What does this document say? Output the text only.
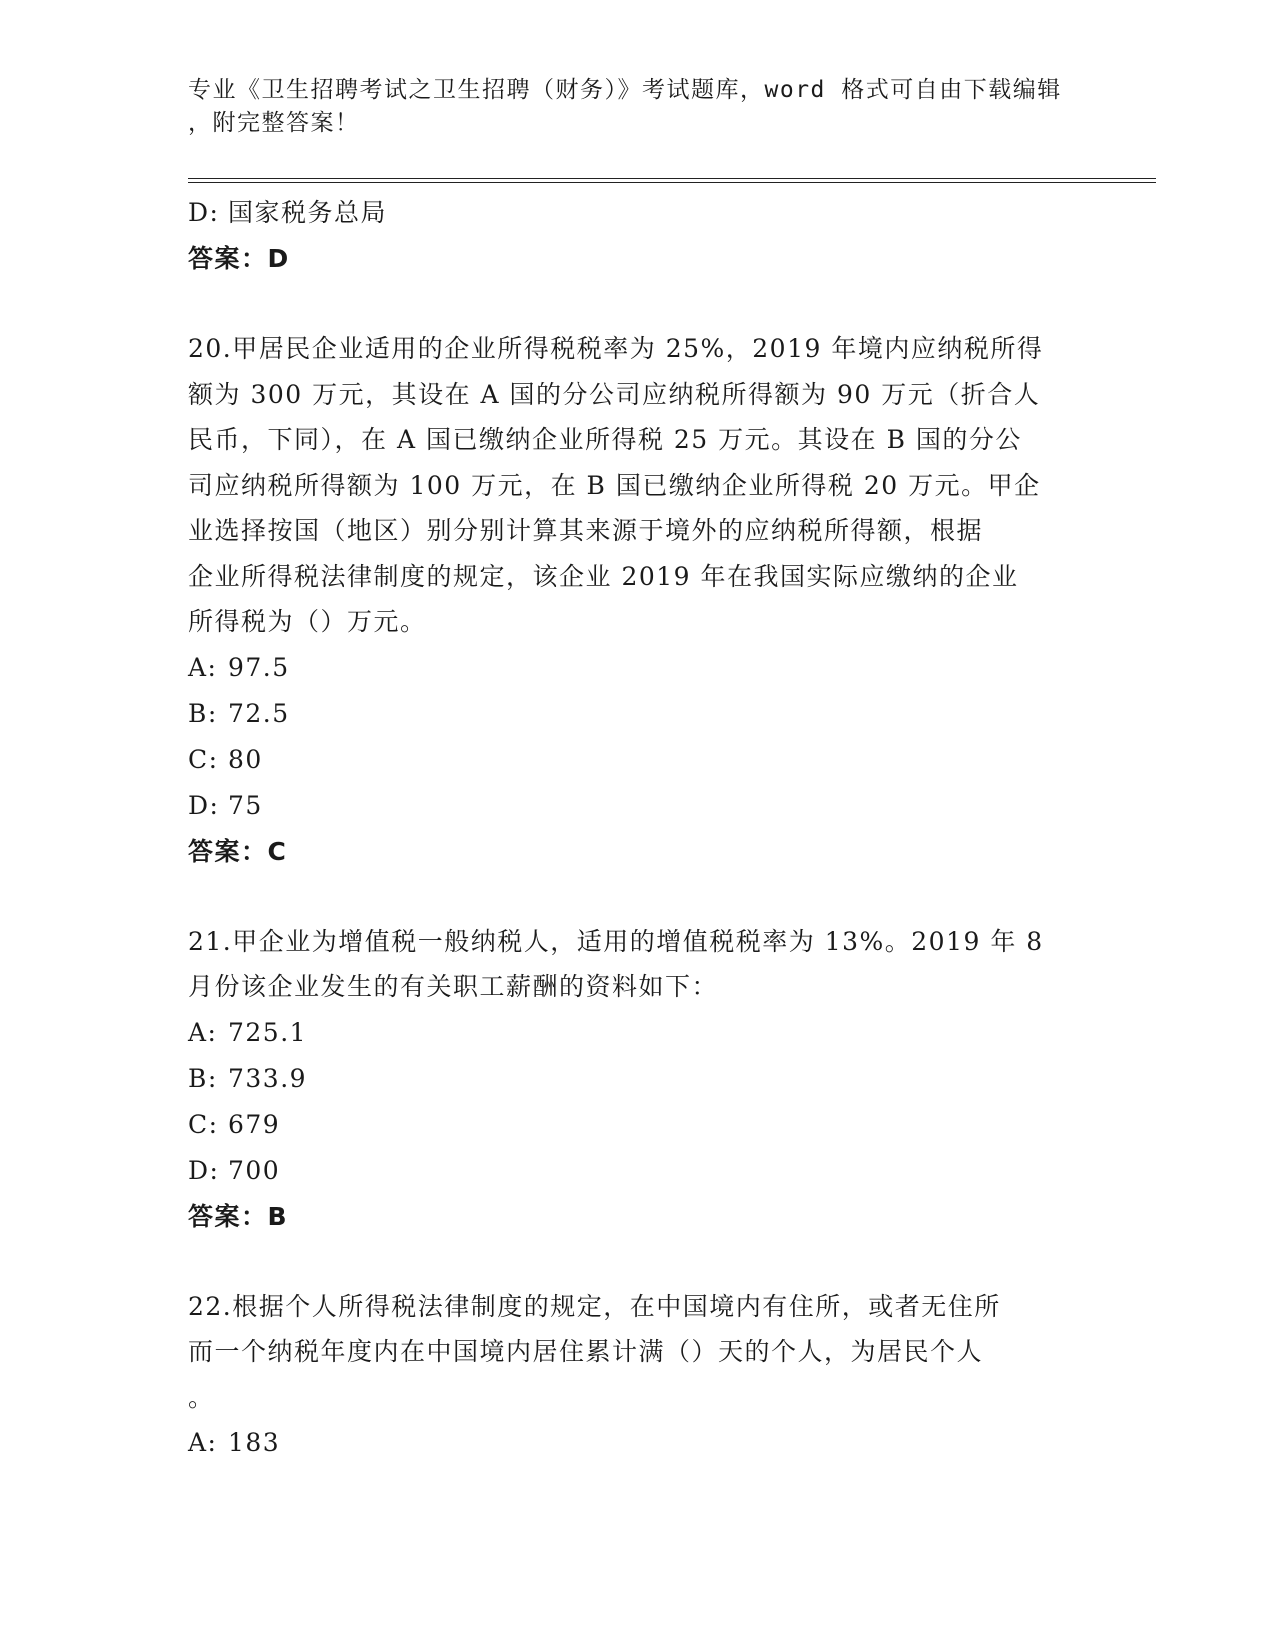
专业《卫生招聘考试之卫生招聘（财务）》考试题库，word 格式可自由下载编辑
，附完整答案！
D: 国家税务总局
答案：D
20.甲居民企业适用的企业所得税税率为 25%，2019 年境内应纳税所得
额为 300 万元，其设在 A 国的分公司应纳税所得额为 90 万元（折合人
民币，下同），在 A 国已缴纳企业所得税 25 万元。其设在 B 国的分公
司应纳税所得额为 100 万元，在 B 国已缴纳企业所得税 20 万元。甲企
业选择按国（地区）别分别计算其来源于境外的应纳税所得额，根据
企业所得税法律制度的规定，该企业 2019 年在我国实际应缴纳的企业
所得税为（）万元。
A: 97.5
B: 72.5
C: 80
D: 75
答案：C
21.甲企业为增值税一般纳税人，适用的增值税税率为 13%。2019 年 8
月份该企业发生的有关职工薪酬的资料如下：
A: 725.1
B: 733.9
C: 679
D: 700
答案：B
22.根据个人所得税法律制度的规定，在中国境内有住所，或者无住所
而一个纳税年度内在中国境内居住累计满（）天的个人，为居民个人
。
A: 183
